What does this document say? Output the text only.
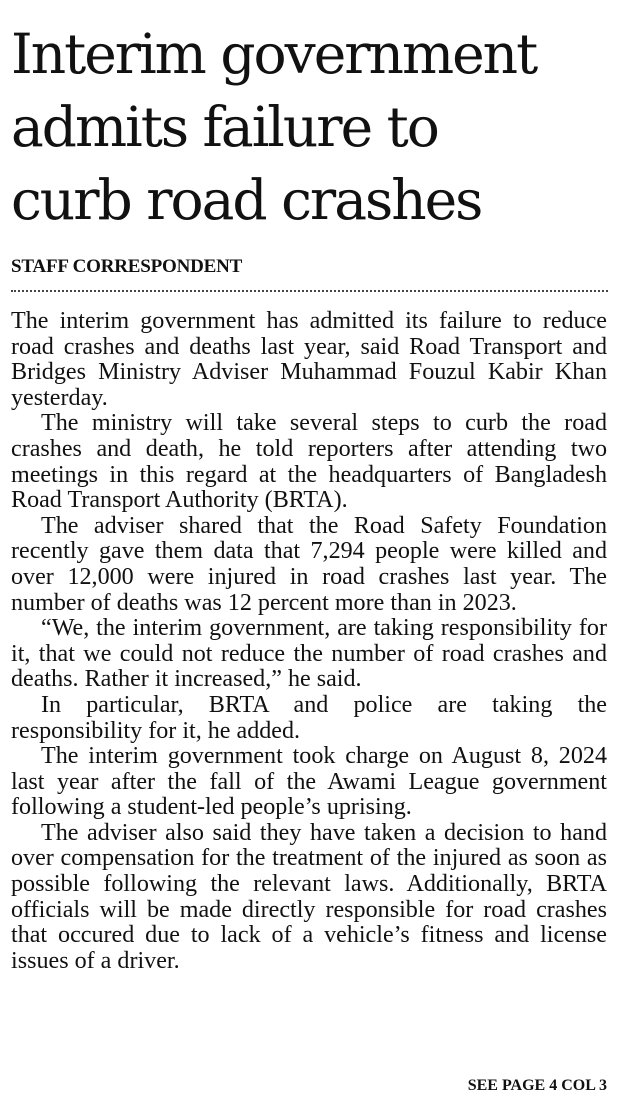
Interim government
admits failure to
curb road crashes
STAFF CORRESPONDENT

The interim government has admitted its failure to reduce road crashes and deaths last year, said Road Transport and Bridges Ministry Adviser Muhammad Fouzul Kabir Khan yesterday.

The ministry will take several steps to curb the road crashes and death, he told reporters after attending two meetings in this regard at the headquarters of Bangladesh Road Transport Authority (BRTA).

The adviser shared that the Road Safety Foundation recently gave them data that 7,294 people were killed and over 12,000 were injured in road crashes last year. The number of deaths was 12 percent more than in 2023.

“We, the interim government, are taking responsibility for it, that we could not reduce the number of road crashes and deaths. Rather it increased,” he said.

In particular, BRTA and police are taking the responsibility for it, he added.

The interim government took charge on August 8, 2024 last year after the fall of the Awami League government following a student-led people’s uprising.

The adviser also said they have taken a decision to hand over compensation for the treatment of the injured as soon as possible following the relevant laws. Additionally, BRTA officials will be made directly responsible for road crashes that occured due to lack of a vehicle’s fitness and license issues of a driver.

SEE PAGE 4 COL 3
